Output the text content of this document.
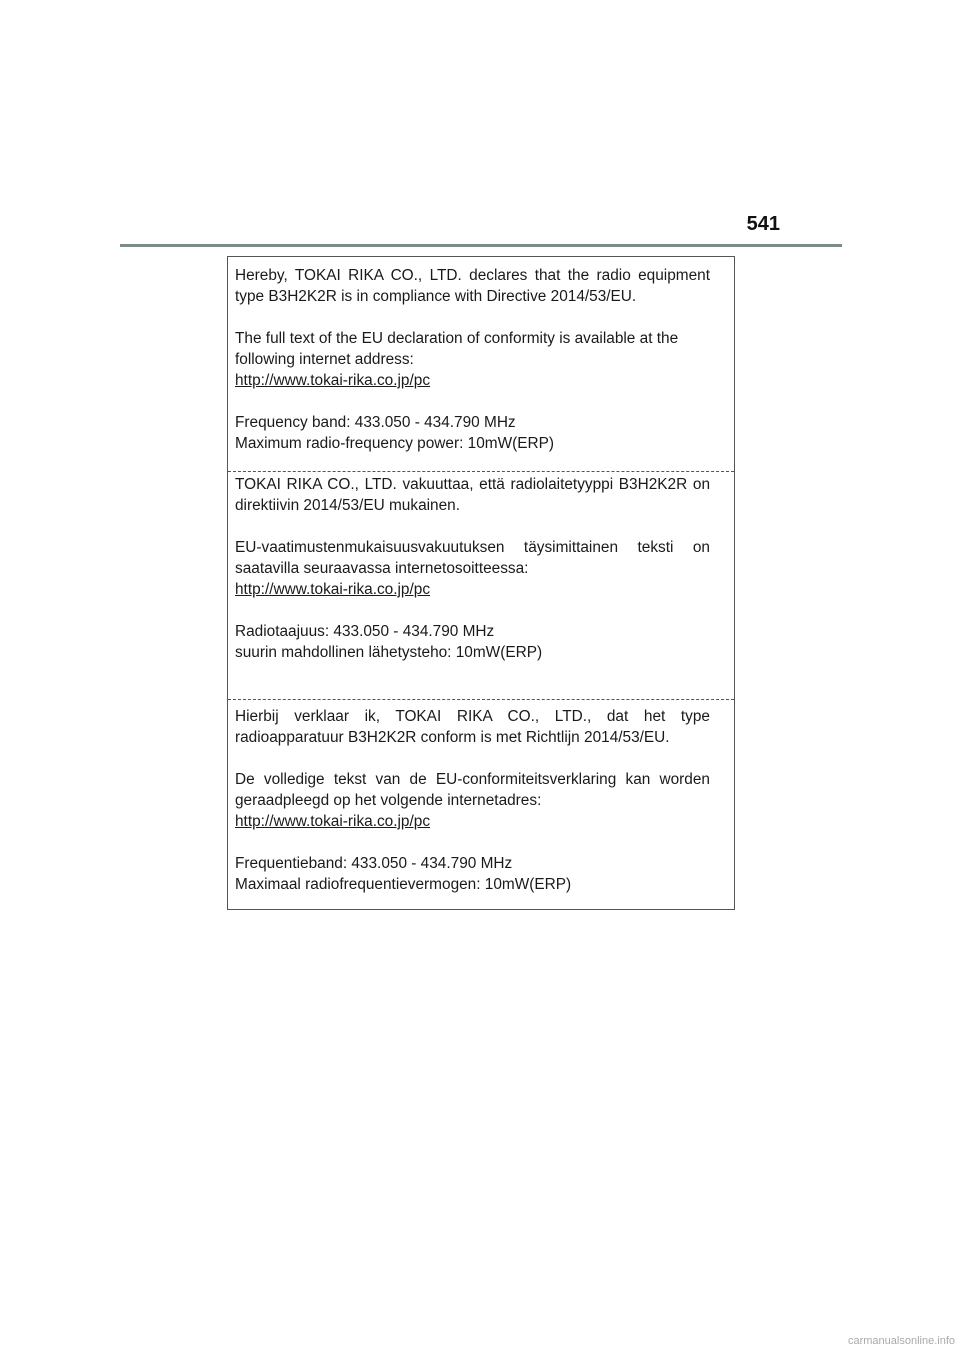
541

Hereby, TOKAI RIKA CO., LTD. declares that the radio equipment type B3H2K2R is in compliance with Directive 2014/53/EU.

The full text of the EU declaration of conformity is available at the
following internet address:
http://www.tokai-rika.co.jp/pc

Frequency band: 433.050 - 434.790 MHz
Maximum radio-frequency power: 10mW(ERP)

TOKAI RIKA CO., LTD. vakuuttaa, että radiolaitetyyppi B3H2K2R on direktiivin 2014/53/EU mukainen.

EU-vaatimustenmukaisuusvakuutuksen täysimittainen teksti on
saatavilla seuraavassa internetosoitteessa:
http://www.tokai-rika.co.jp/pc

Radiotaajuus: 433.050 - 434.790 MHz
suurin mahdollinen lähetysteho: 10mW(ERP)

Hierbij verklaar ik, TOKAI RIKA CO., LTD., dat het type radioapparatuur B3H2K2R conform is met Richtlijn 2014/53/EU.

De volledige tekst van de EU-conformiteitsverklaring kan worden
geraadpleegd op het volgende internetadres:
http://www.tokai-rika.co.jp/pc

Frequentieband: 433.050 - 434.790 MHz
Maximaal radiofrequentievermogen: 10mW(ERP)

carmanualsonline.info
